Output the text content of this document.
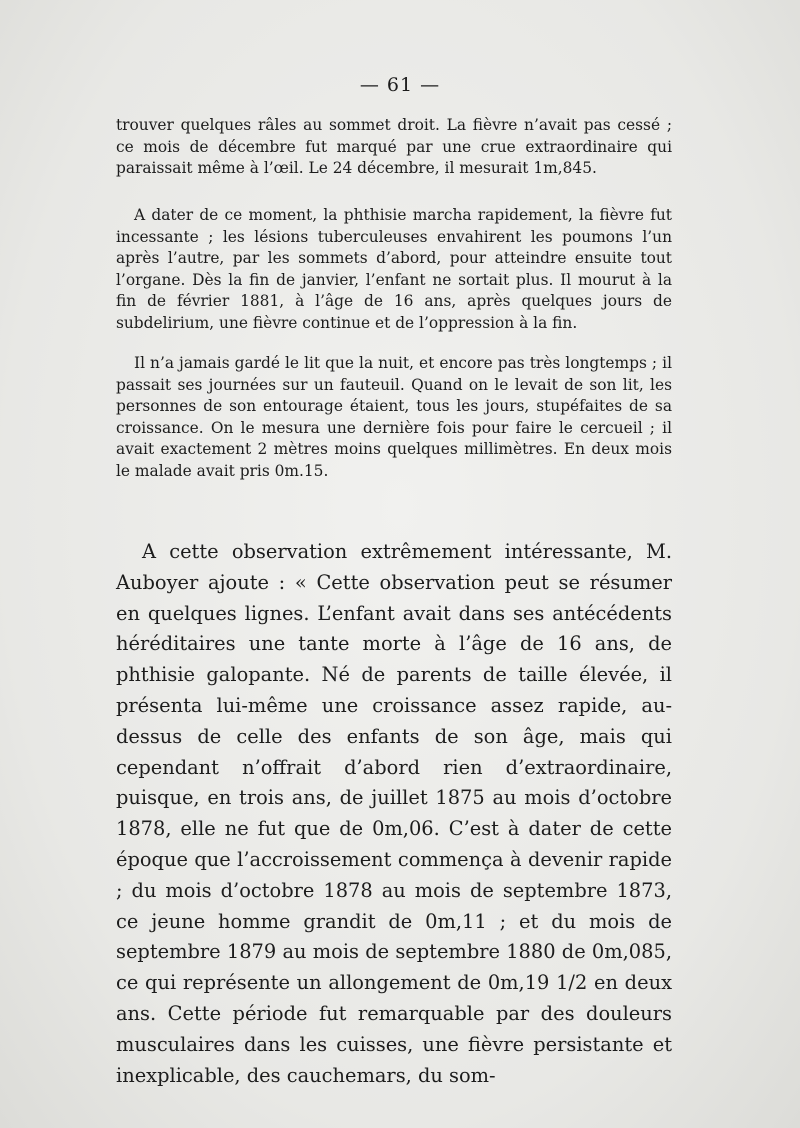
— 61 —

trouver quelques râles au sommet droit. La fièvre n’avait pas cessé ; ce mois de décembre fut marqué par une crue extraordinaire qui paraissait même à l’œil. Le 24 décembre, il mesurait 1m,845.

A dater de ce moment, la phthisie marcha rapidement, la fièvre fut incessante ; les lésions tuberculeuses envahirent les poumons l’un après l’autre, par les sommets d’abord, pour atteindre ensuite tout l’organe. Dès la fin de janvier, l’enfant ne sortait plus. Il mourut à la fin de février 1881, à l’âge de 16 ans, après quelques jours de subdelirium, une fièvre continue et de l’oppression à la fin.

Il n’a jamais gardé le lit que la nuit, et encore pas très longtemps ; il passait ses journées sur un fauteuil. Quand on le levait de son lit, les personnes de son entourage étaient, tous les jours, stupéfaites de sa croissance. On le mesura une dernière fois pour faire le cercueil ; il avait exactement 2 mètres moins quelques millimètres. En deux mois le malade avait pris 0m.15.

A cette observation extrêmement intéressante, M. Auboyer ajoute : « Cette observation peut se résumer en quelques lignes. L’enfant avait dans ses antécédents héréditaires une tante morte à l’âge de 16 ans, de phthisie galopante. Né de parents de taille élevée, il présenta lui-même une croissance assez rapide, au-dessus de celle des enfants de son âge, mais qui cependant n’offrait d’abord rien d’extraordinaire, puisque, en trois ans, de juillet 1875 au mois d’octobre 1878, elle ne fut que de 0m,06. C’est à dater de cette époque que l’accroissement commença à devenir rapide ; du mois d’octobre 1878 au mois de septembre 1873, ce jeune homme grandit de 0m,11 ; et du mois de septembre 1879 au mois de septembre 1880 de 0m,085, ce qui représente un allongement de 0m,19 1/2 en deux ans. Cette période fut remarquable par des douleurs musculaires dans les cuisses, une fièvre persistante et inexplicable, des cauchemars, du som-
